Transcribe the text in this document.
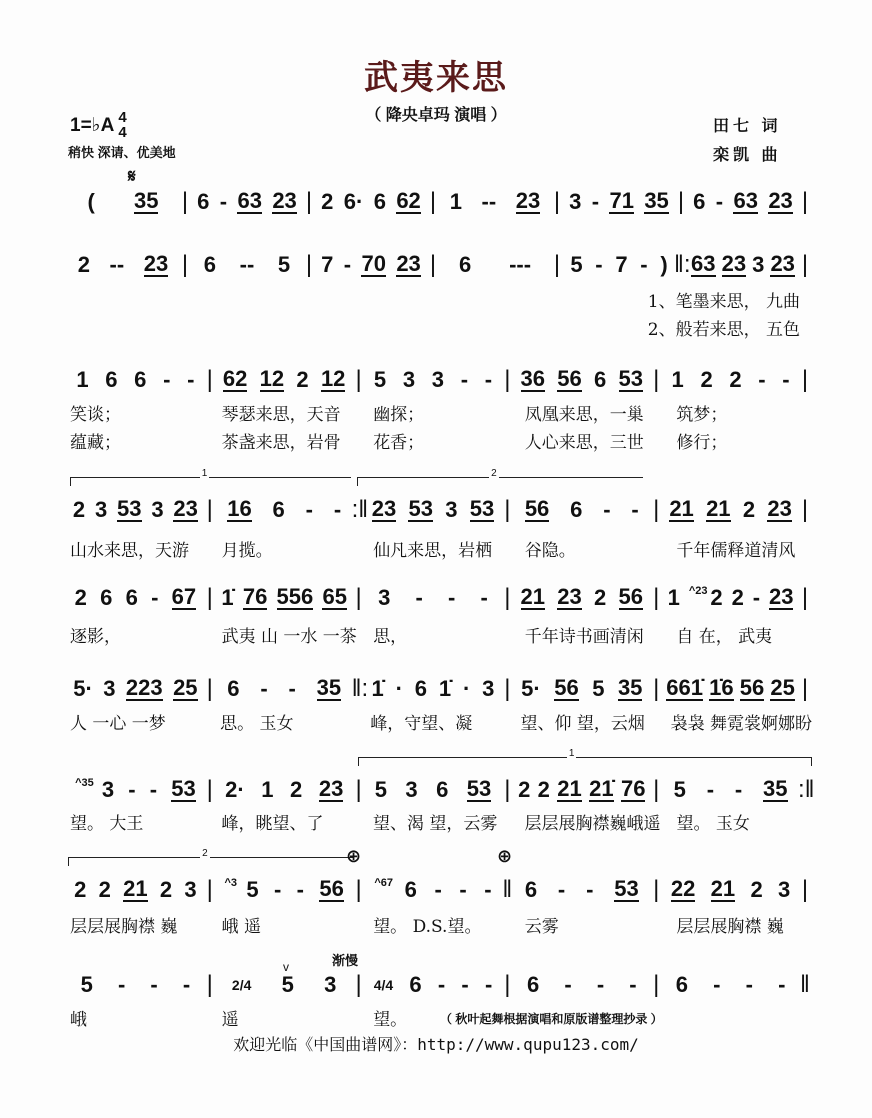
武夷来思
（ 降央卓玛 演唱 ）
1=♭A 4
4
稍快 深请、优美地
田七 词
栾凯 曲
𝄋
1、笔墨来思， 九曲
2、般若来思， 五色
1	2
1
2	⊕	⊕
渐慢
v
( 35 | 6 - 63 23 | 2 6· 6 62 | 1 -- 23 | 3 - 71 35 | 6 - 63 23 |
2 -- 23 | 6 -- 5 | 7 - 70 23 | 6 --- | 5 - 7 - ) ‖: 63 23 3 23 |
1 6 6 - - | 62 12 2 12 | 5 3 3 - - | 36 56 6 53 | 1 2 2 - - |
笑谈；	琴瑟来思，天音	幽探；	凤凰来思，一巢	筑梦；
蕴藏；	茶盏来思，岩骨	花香；	人心来思，三世	修行；
2 3 53 3 23 | 16 6 - - :‖ 23 53 3 53 | 56 6 - - | 21 21 2 23 |
山水来思，天游	月揽。	仙凡来思，岩栖	谷隐。	千年儒释道清风
2 6 6 - 67 | 1̇ 76 556 65 | 3 - - - | 21 23 2 56 | 1 ^23 2 2 - 23 |
逐影，	武夷 山 一水 一茶 思，	千年诗书画清闲	自 在， 武夷
5· 3 223 25 | 6 - - 35 ‖: 1̇ · 6 1̇ · 3 | 5· 56 5 35 | 661̇ 1̇6 56 25 |
人 一心 一梦	思。 玉女	峰，守望、凝	望、仰 望，云烟	袅袅 舞霓裳婀娜盼
^35 3 - - 53 | 2· 1 2 23 | 5 3 6 53 | 2 2 21 21̇ 76 | 5 - - 35 :‖
望。 大王	峰，眺望、了	望、渴 望，云雾	层层展胸襟巍峨遥 望。 玉女
2 2 21 2 3 |	^3 5 - - 56 |	^67 6 - - - ‖ 6 - - 53 | 22 21 2 3 |
层层展胸襟 巍	峨 遥	望。 D.S.望。	云雾	层层展胸襟 巍
5 - - - | 2/4 5 3 | 4/4 6 - - - | 6 - - - | 6 - - - ‖
峨	遥	望。	（ 秋叶起舞根据演唱和原版谱整理抄录 ）
欢迎光临《中国曲谱网》：http://www.qupu123.com/
